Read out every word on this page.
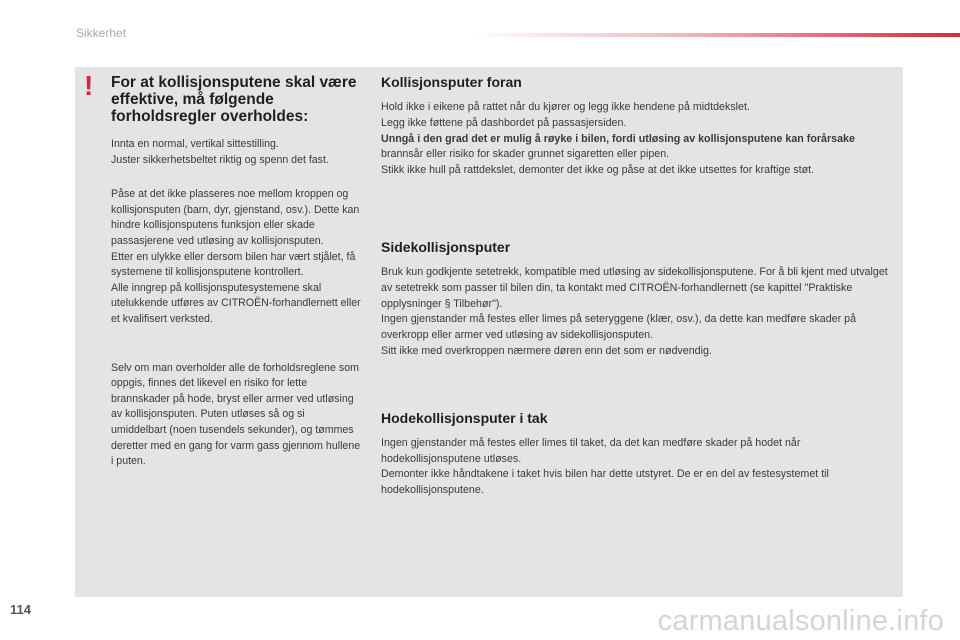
Sikkerhet
! For at kollisjonsputene skal være effektive, må følgende forholdsregler overholdes:

Innta en normal, vertikal sittestilling.
Juster sikkerhetsbeltet riktig og spenn det fast.

Påse at det ikke plasseres noe mellom kroppen og kollisjonsputen (barn, dyr, gjenstand, osv.). Dette kan hindre kollisjonsputens funksjon eller skade passasjerene ved utløsing av kollisjonsputen.
Etter en ulykke eller dersom bilen har vært stjålet, få systemene til kollisjonsputene kontrollert.
Alle inngrep på kollisjonsputesystemene skal utelukkende utføres av CITROËN-forhandlernett eller et kvalifisert verksted.

Selv om man overholder alle de forholdsreglene som oppgis, finnes det likevel en risiko for lette brannskader på hode, bryst eller armer ved utløsing av kollisjonsputen. Puten utløses så og si umiddelbart (noen tusendels sekunder), og tømmes deretter med en gang for varm gass gjennom hullene i puten.

Kollisjonsputer foran

Hold ikke i eikene på rattet når du kjører og legg ikke hendene på midtdekslet.

Legg ikke føttene på dashbordet på passasjersiden.

Unngå i den grad det er mulig å røyke i bilen, fordi utløsing av kollisjonsputene kan forårsake

brannsår eller risiko for skader grunnet sigaretten eller pipen.

Stikk ikke hull på rattdekslet, demonter det ikke og påse at det ikke utsettes for kraftige støt.

Sidekollisjonsputer

Bruk kun godkjente setetrekk, kompatible med utløsing av sidekollisjonsputene. For å bli kjent med utvalget av setetrekk som passer til bilen din, ta kontakt med CITROËN-forhandlernett (se kapittel "Praktiske opplysninger § Tilbehør").
Ingen gjenstander må festes eller limes på seteryggene (klær, osv.), da dette kan medføre skader på overkropp eller armer ved utløsing av sidekollisjonsputen.
Sitt ikke med overkroppen nærmere døren enn det som er nødvendig.

Hodekollisjonsputer i tak

Ingen gjenstander må festes eller limes til taket, da det kan medføre skader på hodet når hodekollisjonsputene utløses.
Demonter ikke håndtakene i taket hvis bilen har dette utstyret. De er en del av festesystemet til hodekollisjonsputene.

114	carmanualsonline.info
